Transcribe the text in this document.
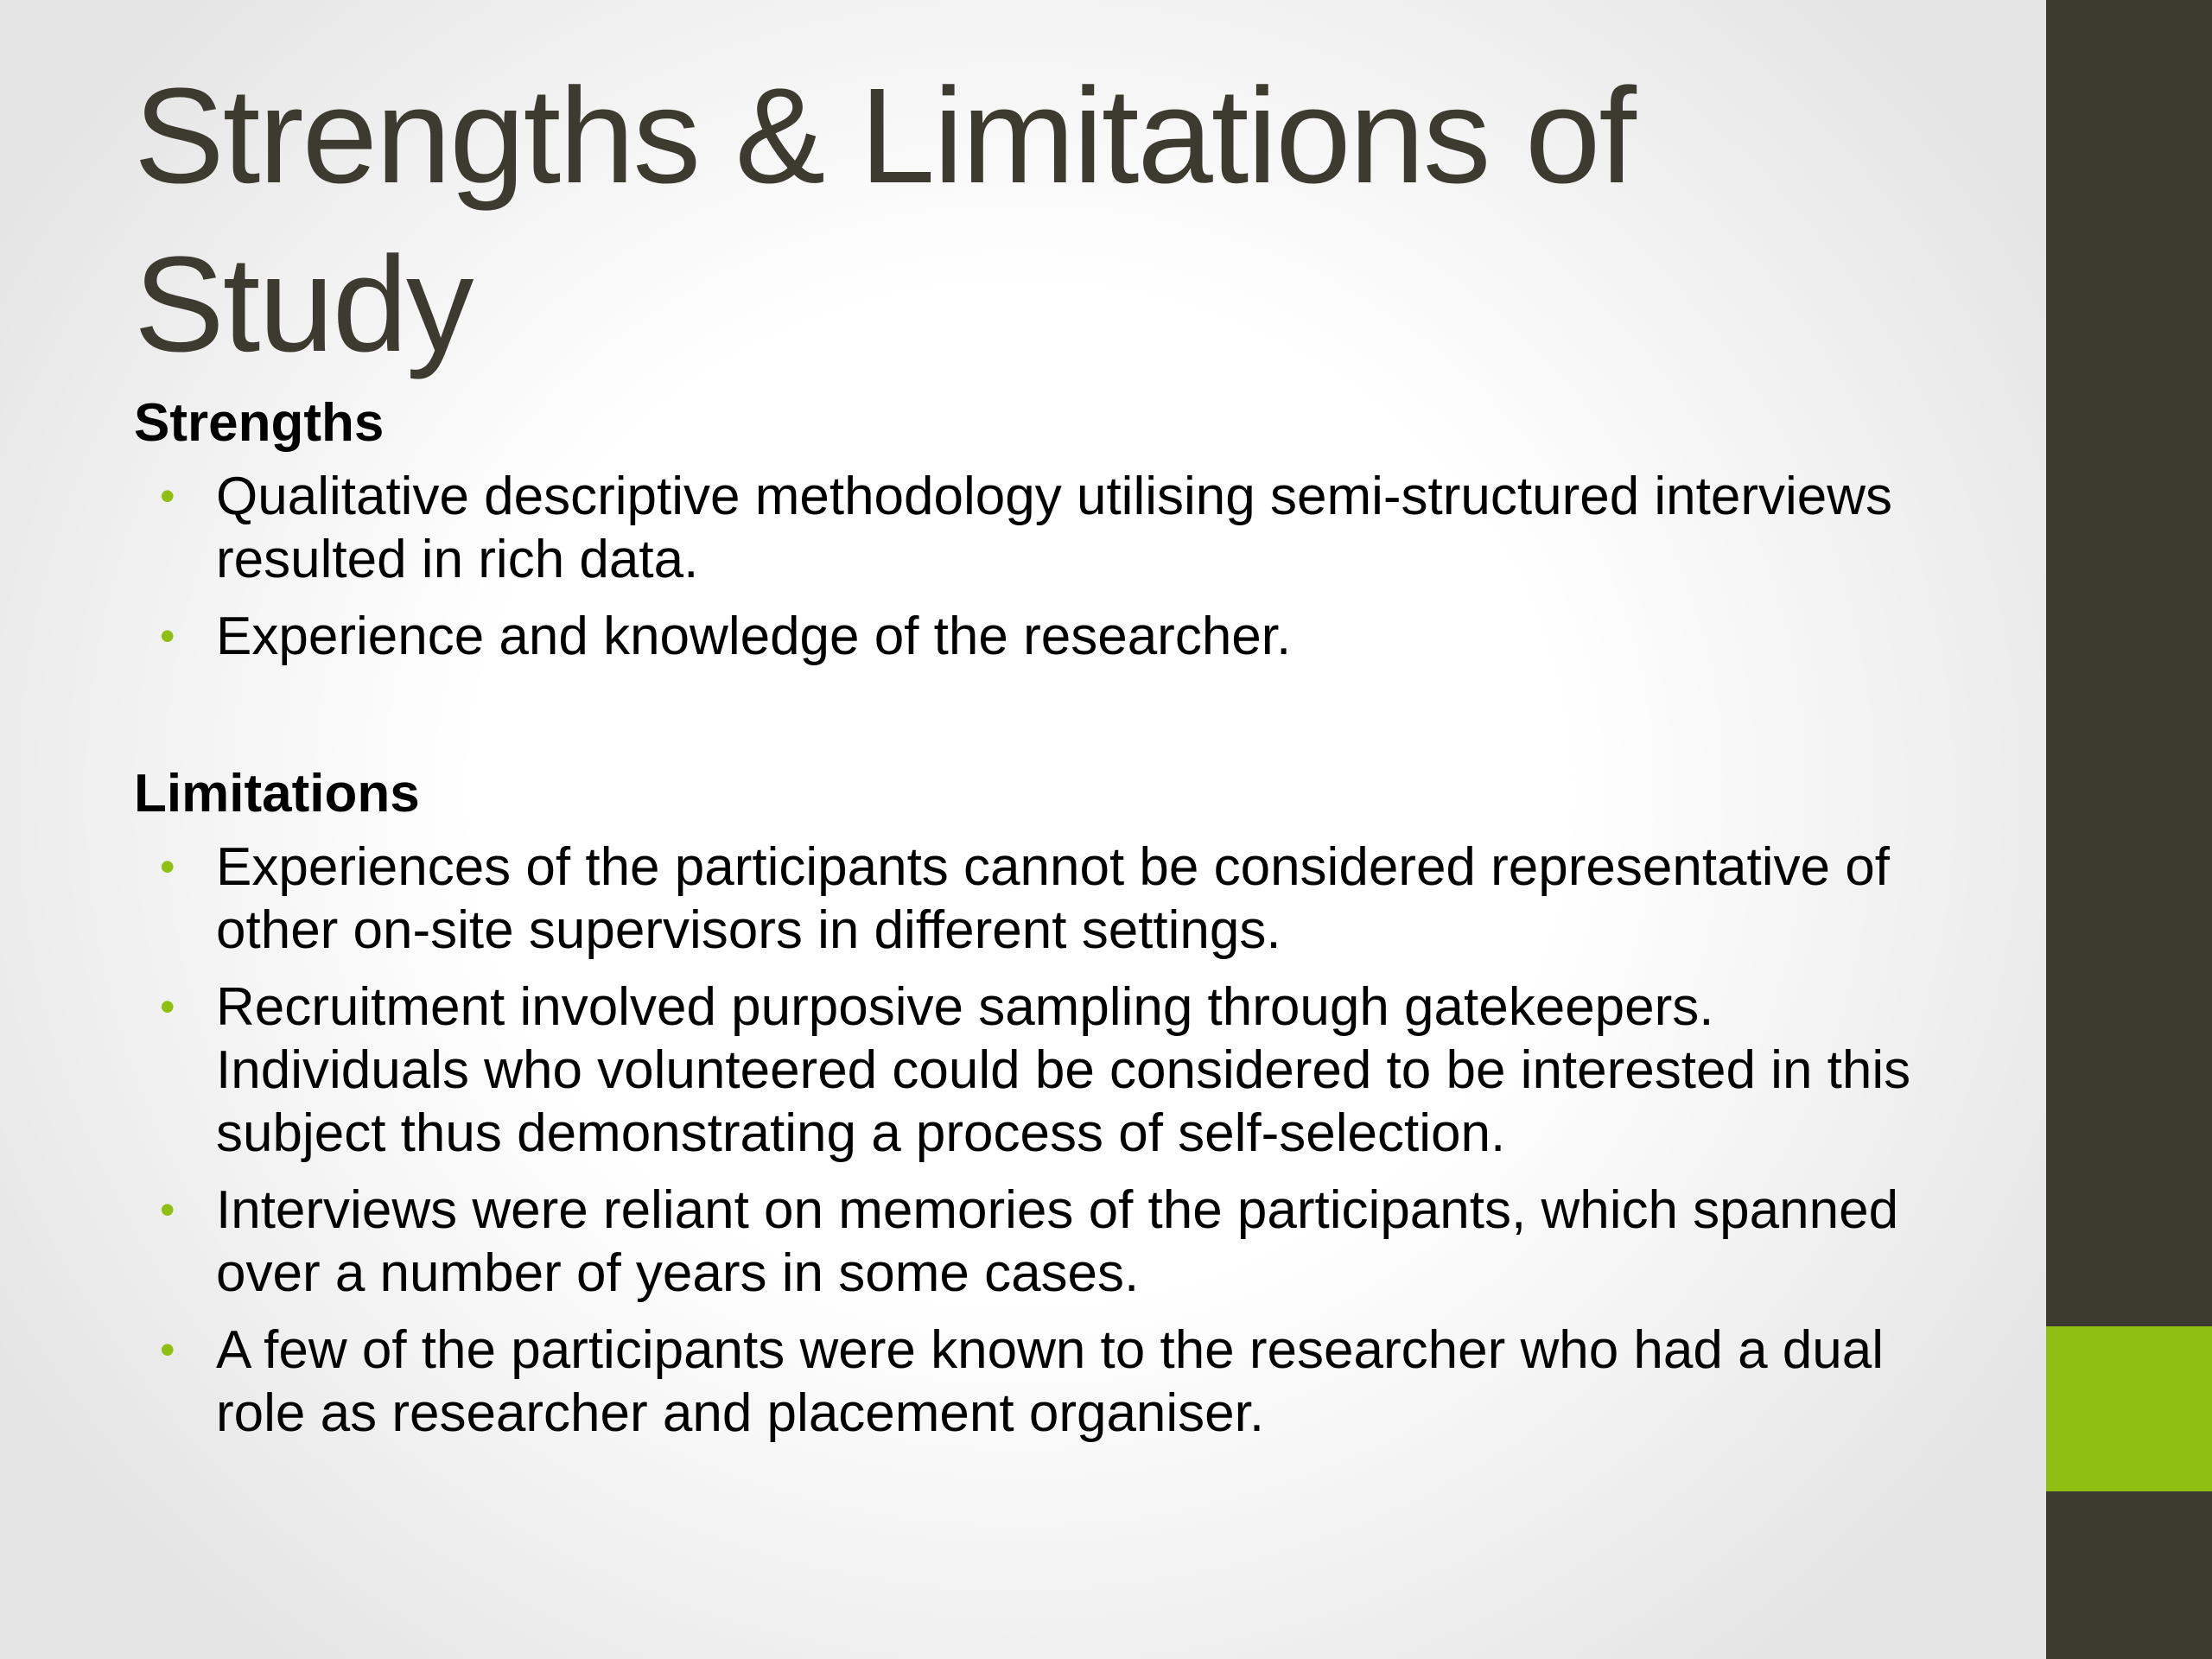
Strengths & Limitations of
Study
Strengths
• Qualitative descriptive methodology utilising semi-structured interviews resulted in rich data.
• Experience and knowledge of the researcher.
Limitations
• Experiences of the participants cannot be considered representative of other on-site supervisors in different settings.
• Recruitment involved purposive sampling through gatekeepers. Individuals who volunteered could be considered to be interested in this subject thus demonstrating a process of self-selection.
• Interviews were reliant on memories of the participants, which spanned over a number of years in some cases.
• A few of the participants were known to the researcher who had a dual role as researcher and placement organiser.
